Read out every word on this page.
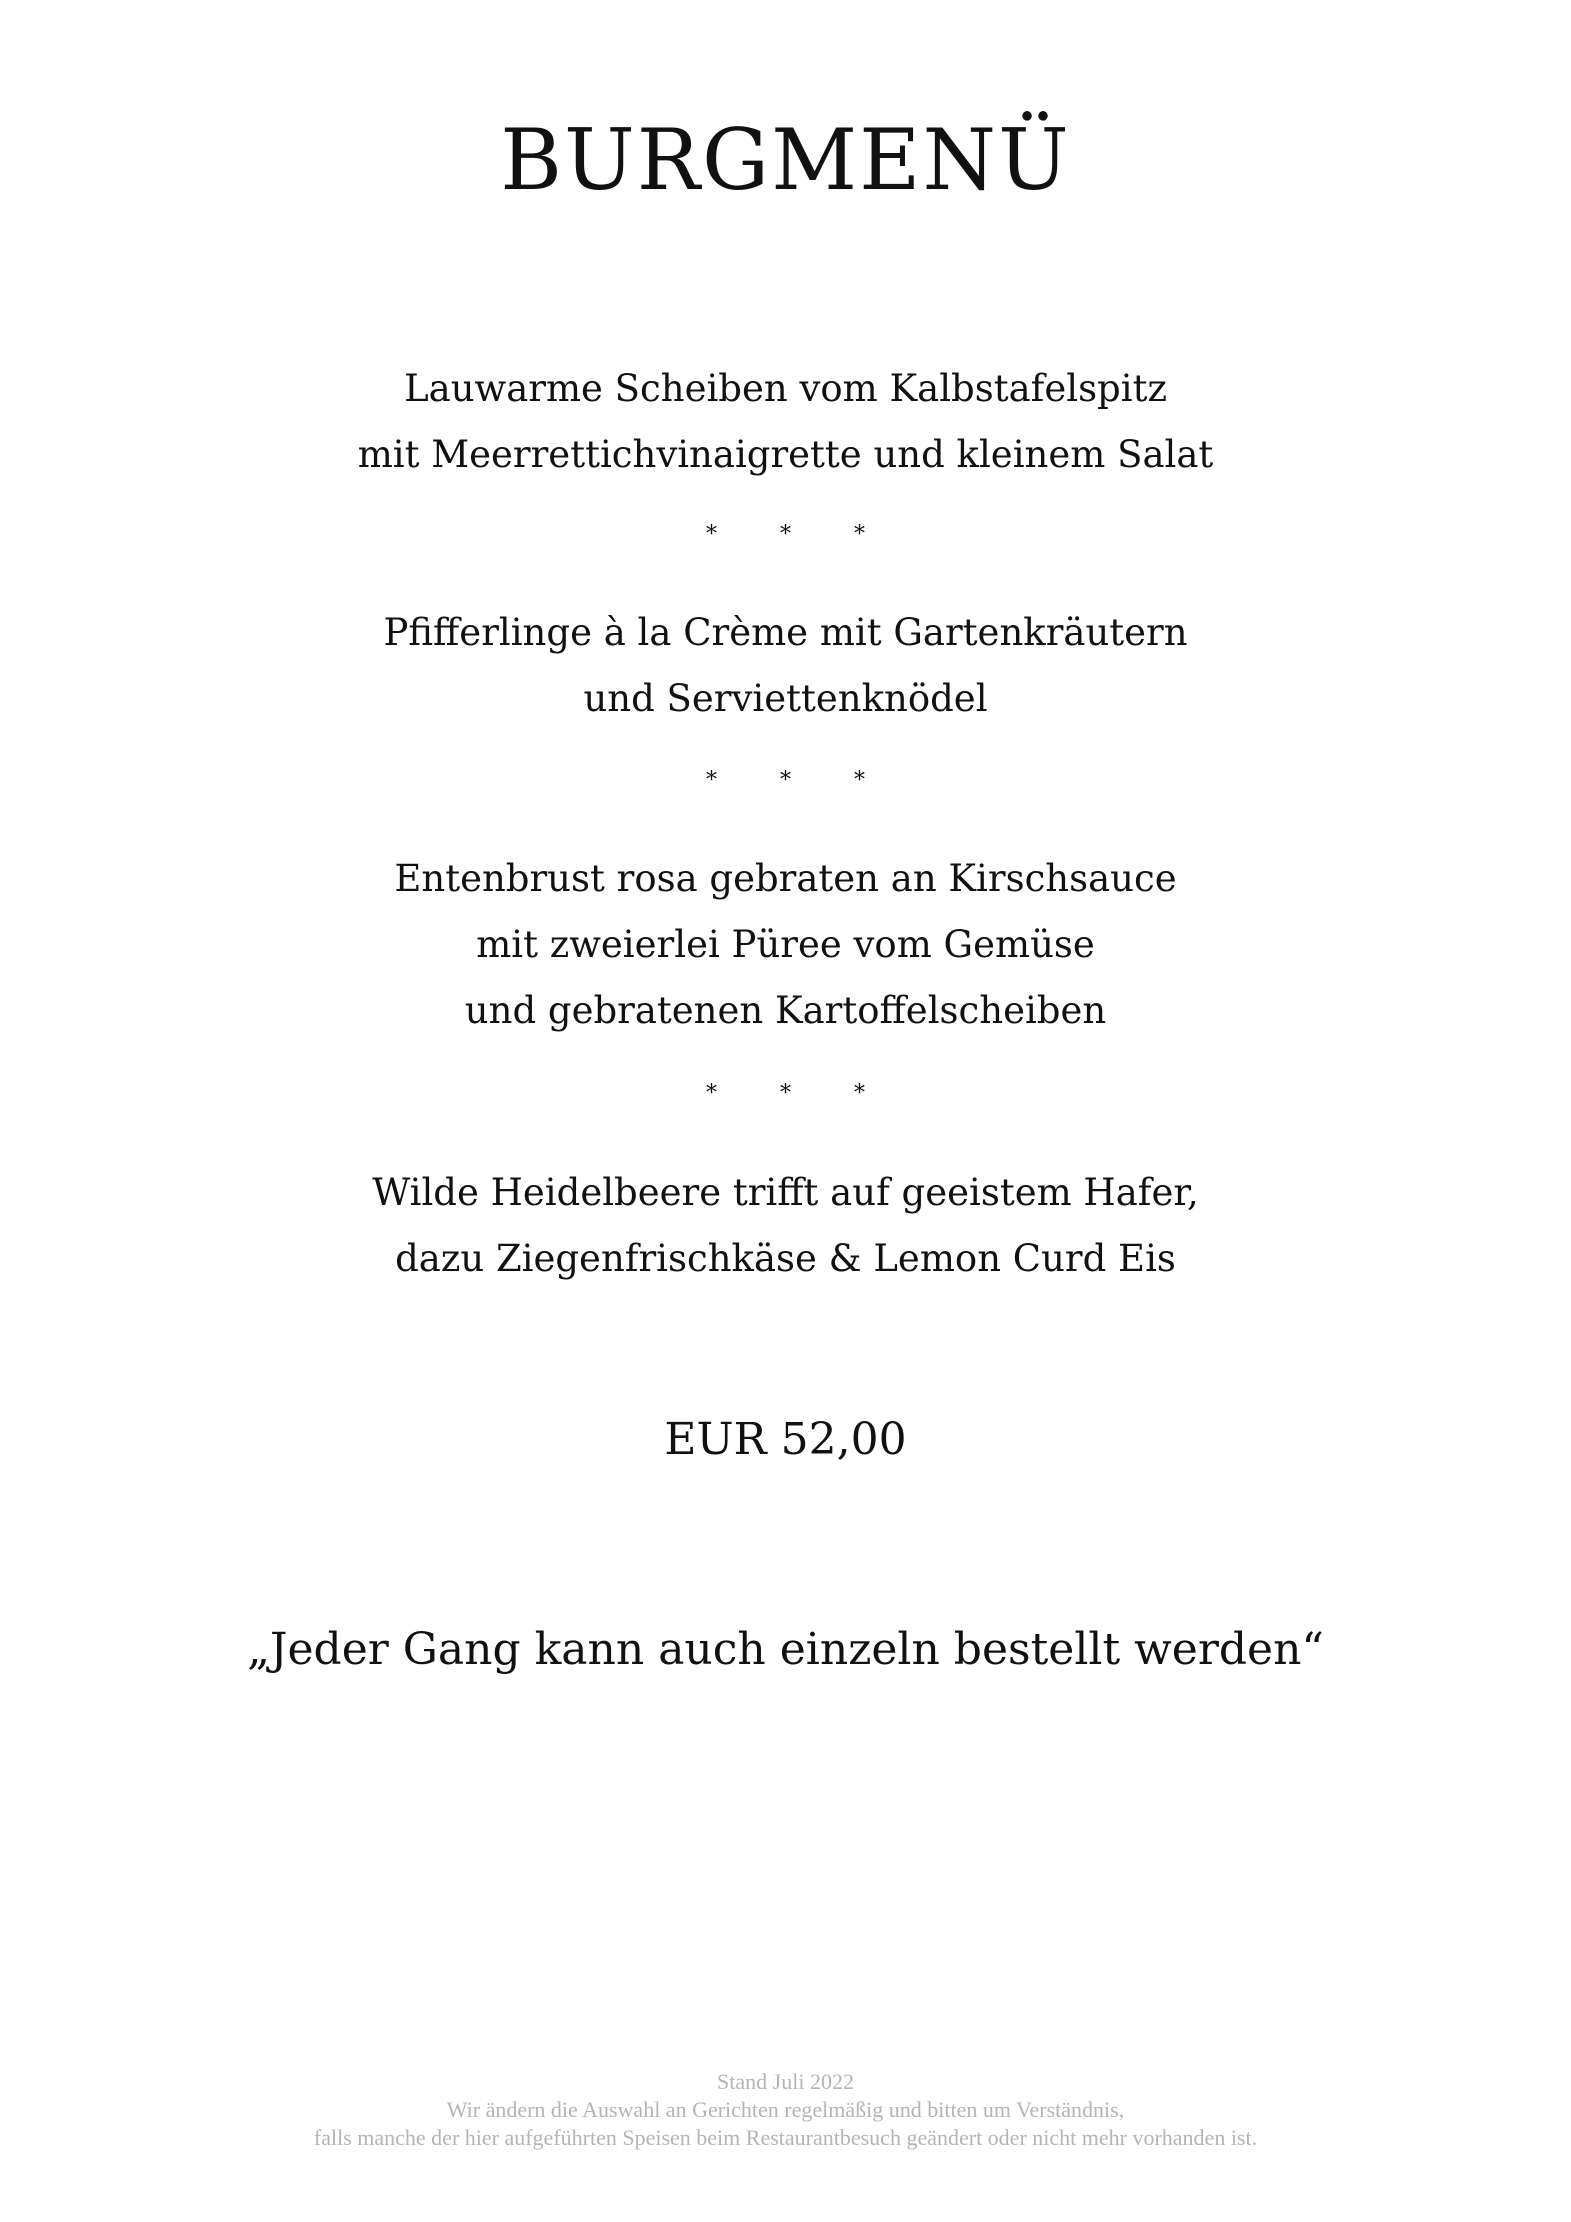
BURGMENÜ
Lauwarme Scheiben vom Kalbstafelspitz
mit Meerrettichvinaigrette und kleinem Salat
* * *
Pfifferlinge à la Crème mit Gartenkräutern
und Serviettenknödel
* * *
Entenbrust rosa gebraten an Kirschsauce
mit zweierlei Püree vom Gemüse
und gebratenen Kartoffelscheiben
* * *
Wilde Heidelbeere trifft auf geeistem Hafer,
dazu Ziegenfrischkäse & Lemon Curd Eis
EUR 52,00
„Jeder Gang kann auch einzeln bestellt werden“
Stand Juli 2022
Wir ändern die Auswahl an Gerichten regelmäßig und bitten um Verständnis,
falls manche der hier aufgeführten Speisen beim Restaurantbesuch geändert oder nicht mehr vorhanden ist.
